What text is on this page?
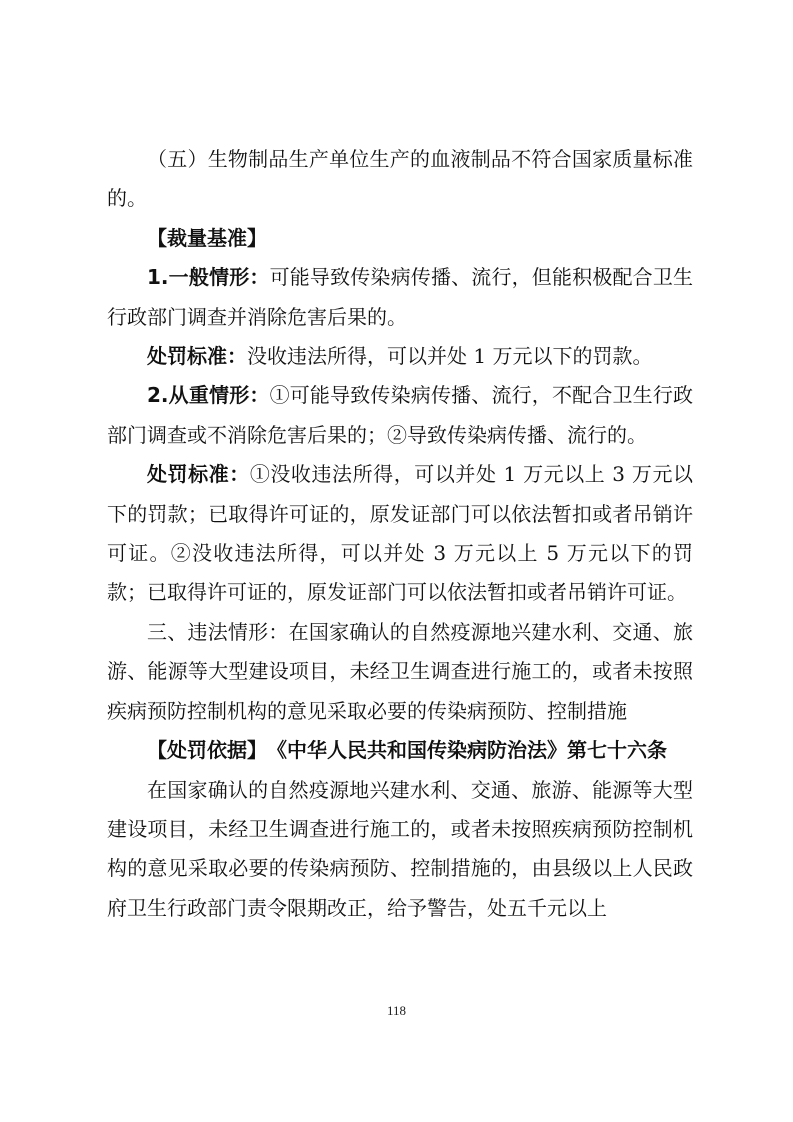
（五）生物制品生产单位生产的血液制品不符合国家质量标准的。

【裁量基准】

1.一般情形：可能导致传染病传播、流行，但能积极配合卫生行政部门调查并消除危害后果的。

处罚标准：没收违法所得，可以并处 1 万元以下的罚款。

2.从重情形：①可能导致传染病传播、流行，不配合卫生行政部门调查或不消除危害后果的；②导致传染病传播、流行的。

处罚标准：①没收违法所得，可以并处 1 万元以上 3 万元以下的罚款；已取得许可证的，原发证部门可以依法暂扣或者吊销许可证。②没收违法所得，可以并处 3 万元以上 5 万元以下的罚款；已取得许可证的，原发证部门可以依法暂扣或者吊销许可证。

三、违法情形：在国家确认的自然疫源地兴建水利、交通、旅游、能源等大型建设项目，未经卫生调查进行施工的，或者未按照疾病预防控制机构的意见采取必要的传染病预防、控制措施

【处罚依据】　《中华人民共和国传染病防治法》第七十六条

在国家确认的自然疫源地兴建水利、交通、旅游、能源等大型建设项目，未经卫生调查进行施工的，或者未按照疾病预防控制机构的意见采取必要的传染病预防、控制措施的，由县级以上人民政府卫生行政部门责令限期改正，给予警告，处五千元以上

118
